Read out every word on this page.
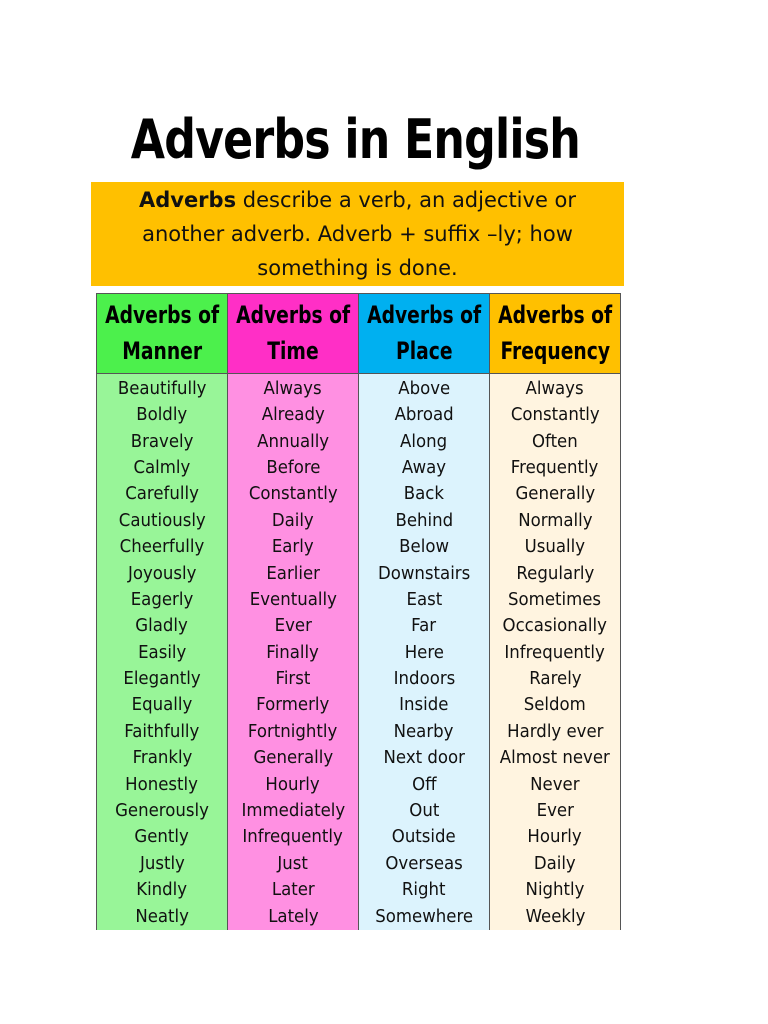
Adverbs in English
Adverbs describe a verb, an adjective or
another adverb. Adverb + suffix –ly; how
something is done.
Adverbs of
Manner
Beautifully
Boldly
Bravely
Calmly
Carefully
Cautiously
Cheerfully
Joyously
Eagerly
Gladly
Easily
Elegantly
Equally
Faithfully
Frankly
Honestly
Generously
Gently
Justly
Kindly
Neatly
Adverbs of
Time
Always
Already
Annually
Before
Constantly
Daily
Early
Earlier
Eventually
Ever
Finally
First
Formerly
Fortnightly
Generally
Hourly
Immediately
Infrequently
Just
Later
Lately
Adverbs of
Place
Above
Abroad
Along
Away
Back
Behind
Below
Downstairs
East
Far
Here
Indoors
Inside
Nearby
Next door
Off
Out
Outside
Overseas
Right
Somewhere
Adverbs of
Frequency
Always
Constantly
Often
Frequently
Generally
Normally
Usually
Regularly
Sometimes
Occasionally
Infrequently
Rarely
Seldom
Hardly ever
Almost never
Never
Ever
Hourly
Daily
Nightly
Weekly
